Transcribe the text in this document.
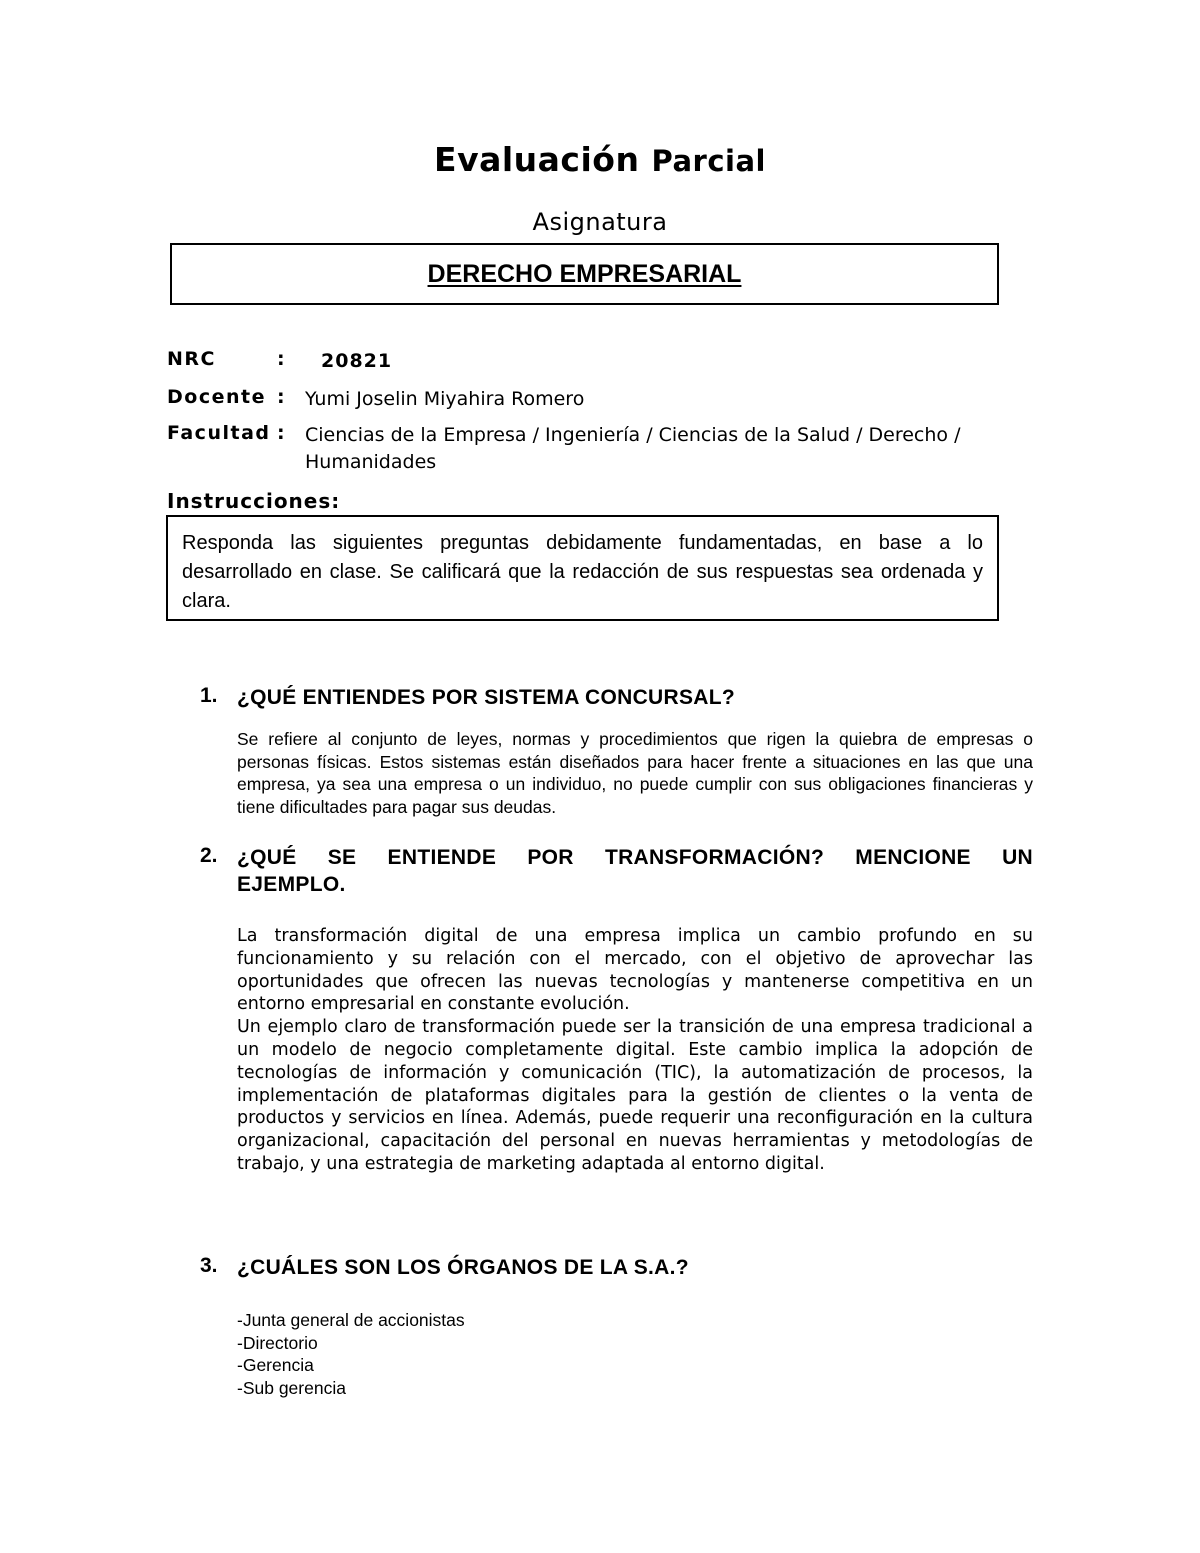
Evaluación Parcial
Asignatura
DERECHO EMPRESARIAL
NRC	: 20821
Docente : Yumi Joselin Miyahira Romero
Facultad : Ciencias de la Empresa / Ingeniería / Ciencias de la Salud / Derecho / Humanidades
Instrucciones:
Responda las siguientes preguntas debidamente fundamentadas, en base a lo desarrollado en clase. Se calificará que la redacción de sus respuestas sea ordenada y clara.
1. ¿QUÉ ENTIENDES POR SISTEMA CONCURSAL?
Se refiere al conjunto de leyes, normas y procedimientos que rigen la quiebra de empresas o personas físicas. Estos sistemas están diseñados para hacer frente a situaciones en las que una empresa, ya sea una empresa o un individuo, no puede cumplir con sus obligaciones financieras y tiene dificultades para pagar sus deudas.
2. ¿QUÉ SE ENTIENDE POR TRANSFORMACIÓN? MENCIONE UN EJEMPLO.

La transformación digital de una empresa implica un cambio profundo en su funcionamiento y su relación con el mercado, con el objetivo de aprovechar las oportunidades que ofrecen las nuevas tecnologías y mantenerse competitiva en un entorno empresarial en constante evolución.

Un ejemplo claro de transformación puede ser la transición de una empresa tradicional a un modelo de negocio completamente digital. Este cambio implica la adopción de tecnologías de información y comunicación (TIC), la automatización de procesos, la implementación de plataformas digitales para la gestión de clientes o la venta de productos y servicios en línea. Además, puede requerir una reconfiguración en la cultura organizacional, capacitación del personal en nuevas herramientas y metodologías de trabajo, y una estrategia de marketing adaptada al entorno digital.

3. ¿CUÁLES SON LOS ÓRGANOS DE LA S.A.?
-Junta general de accionistas
-Directorio
-Gerencia
-Sub gerencia
